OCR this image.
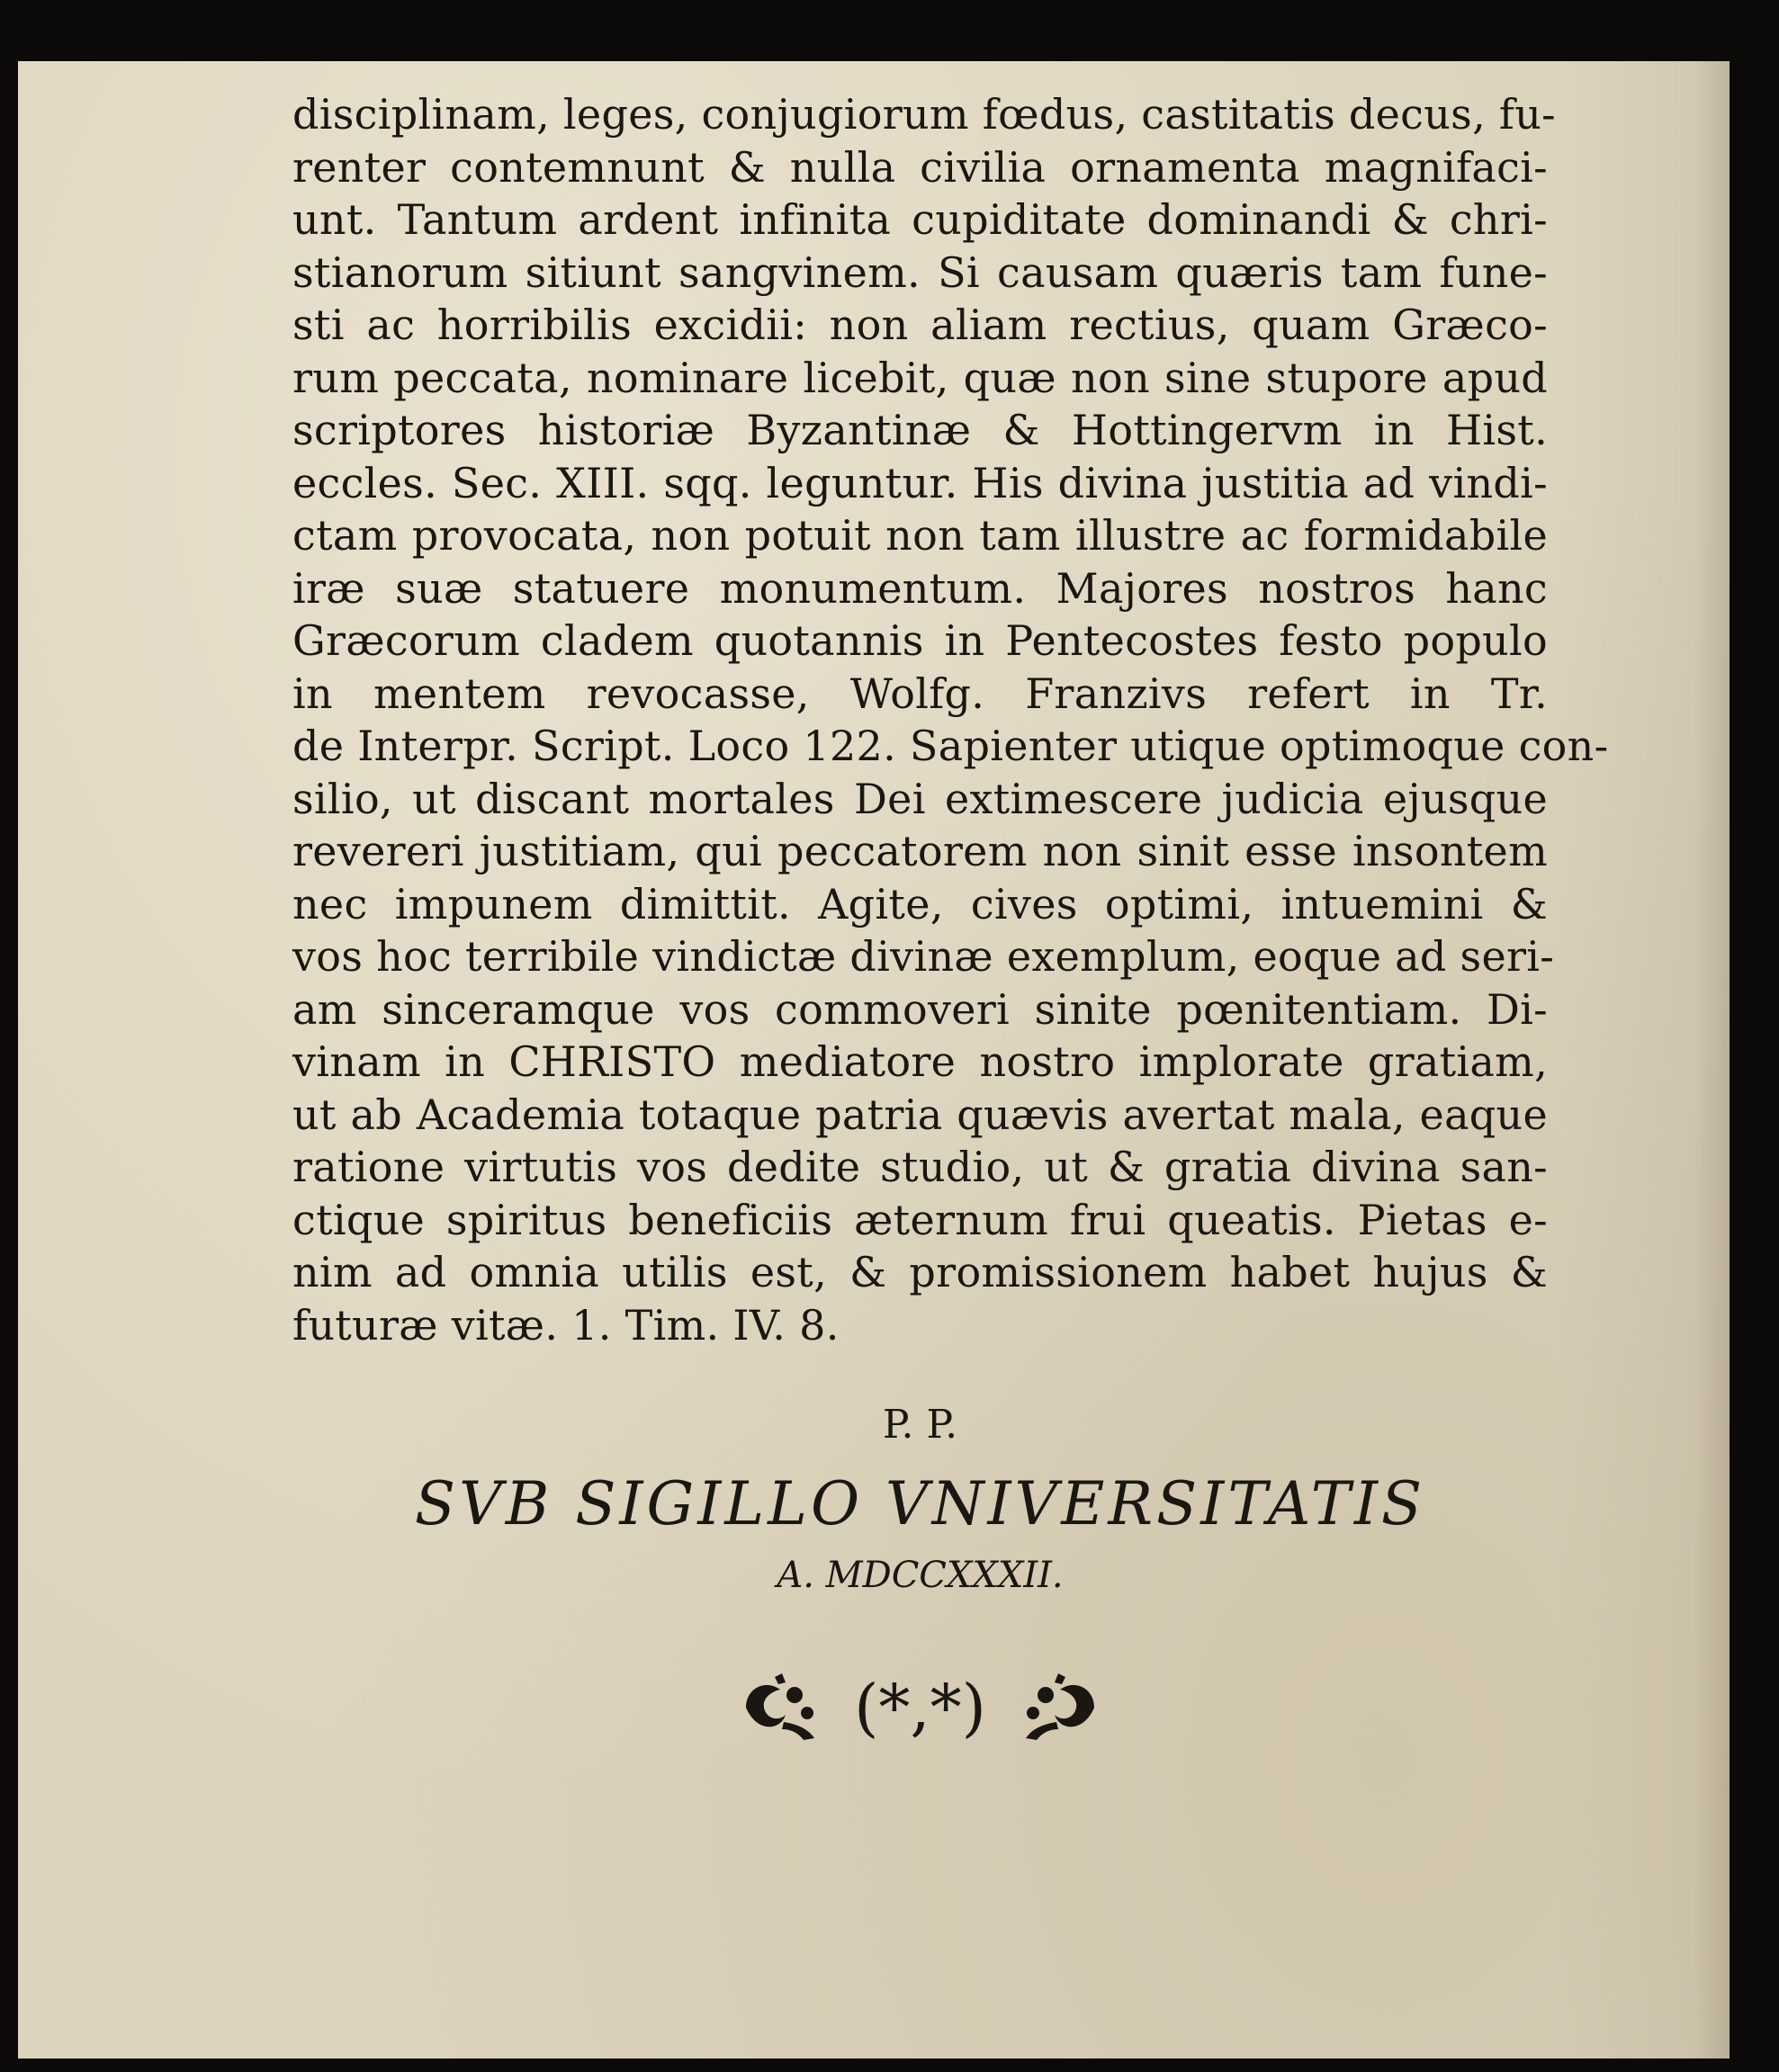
disciplinam, leges, conjugiorum fœdus, castitatis decus, fu-
renter contemnunt & nulla civilia ornamenta magnifaci-
unt. Tantum ardent infinita cupiditate dominandi & chri-
stianorum sitiunt sangvinem. Si causam quæris tam fune-
sti ac horribilis excidii: non aliam rectius, quam Græco-
rum peccata, nominare licebit, quæ non sine stupore apud
scriptores historiæ Byzantinæ & Hottingervm in Hist.
eccles. Sec. XIII. sqq. leguntur. His divina justitia ad vindi-
ctam provocata, non potuit non tam illustre ac formidabile
iræ suæ statuere monumentum. Majores nostros hanc
Græcorum cladem quotannis in Pentecostes festo populo
in mentem revocasse, Wolfg. Franzivs refert in Tr.
de Interpr. Script. Loco 122. Sapienter utique optimoque con-
silio, ut discant mortales Dei extimescere judicia ejusque
revereri justitiam, qui peccatorem non sinit esse insontem
nec impunem dimittit. Agite, cives optimi, intuemini &
vos hoc terribile vindictæ divinæ exemplum, eoque ad seri-
am sinceramque vos commoveri sinite pœnitentiam. Di-
vinam in CHRISTO mediatore nostro implorate gratiam,
ut ab Academia totaque patria quævis avertat mala, eaque
ratione virtutis vos dedite studio, ut & gratia divina san-
ctique spiritus beneficiis æternum frui queatis. Pietas e-
nim ad omnia utilis est, & promissionem habet hujus &
futuræ vitæ. 1. Tim. IV. 8.

P. P.

SVB SIGILLO VNIVERSITATIS

A. MDCCXXXII.

(*,*)
